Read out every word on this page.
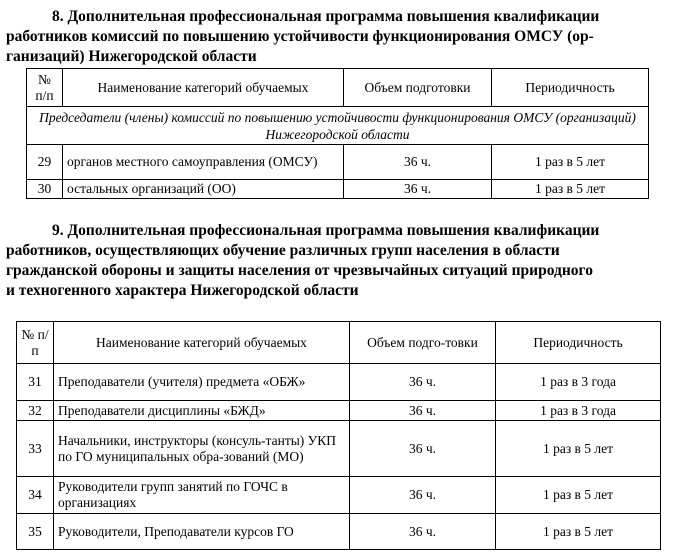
8. Дополнительная профессиональная программа повышения квалификации
работников комиссий по повышению устойчивости функционирования ОМСУ (ор-
ганизаций) Нижегородской области
№ п/п	Наименование категорий обучаемых	Объем подготовки	Периодичность
Председатели (члены) комиссий по повышению устойчивости функционирования ОМСУ (организаций) Нижегородской области			
29	органов местного самоуправления (ОМСУ)	36 ч.	1 раз в 5 лет
30	остальных организаций (ОО)	36 ч.	1 раз в 5 лет
9. Дополнительная профессиональная программа повышения квалификации
работников, осуществляющих обучение различных групп населения в области
гражданской обороны и защиты населения от чрезвычайных ситуаций природного
и техногенного характера Нижегородской области
№ п/п	Наименование категорий обучаемых	Объем подго-товки	Периодичность
31	Преподаватели (учителя) предмета «ОБЖ»	36 ч.	1 раз в 3 года
32	Преподаватели дисциплины «БЖД»	36 ч.	1 раз в 3 года
33	Начальники, инструкторы (консуль-танты) УКП по ГО муниципальных обра-зований (МО)	36 ч.	1 раз в 5 лет
34	Руководители групп занятий по ГОЧС в организациях	36 ч.	1 раз в 5 лет
35	Руководители, Преподаватели курсов ГО	36 ч.	1 раз в 5 лет
